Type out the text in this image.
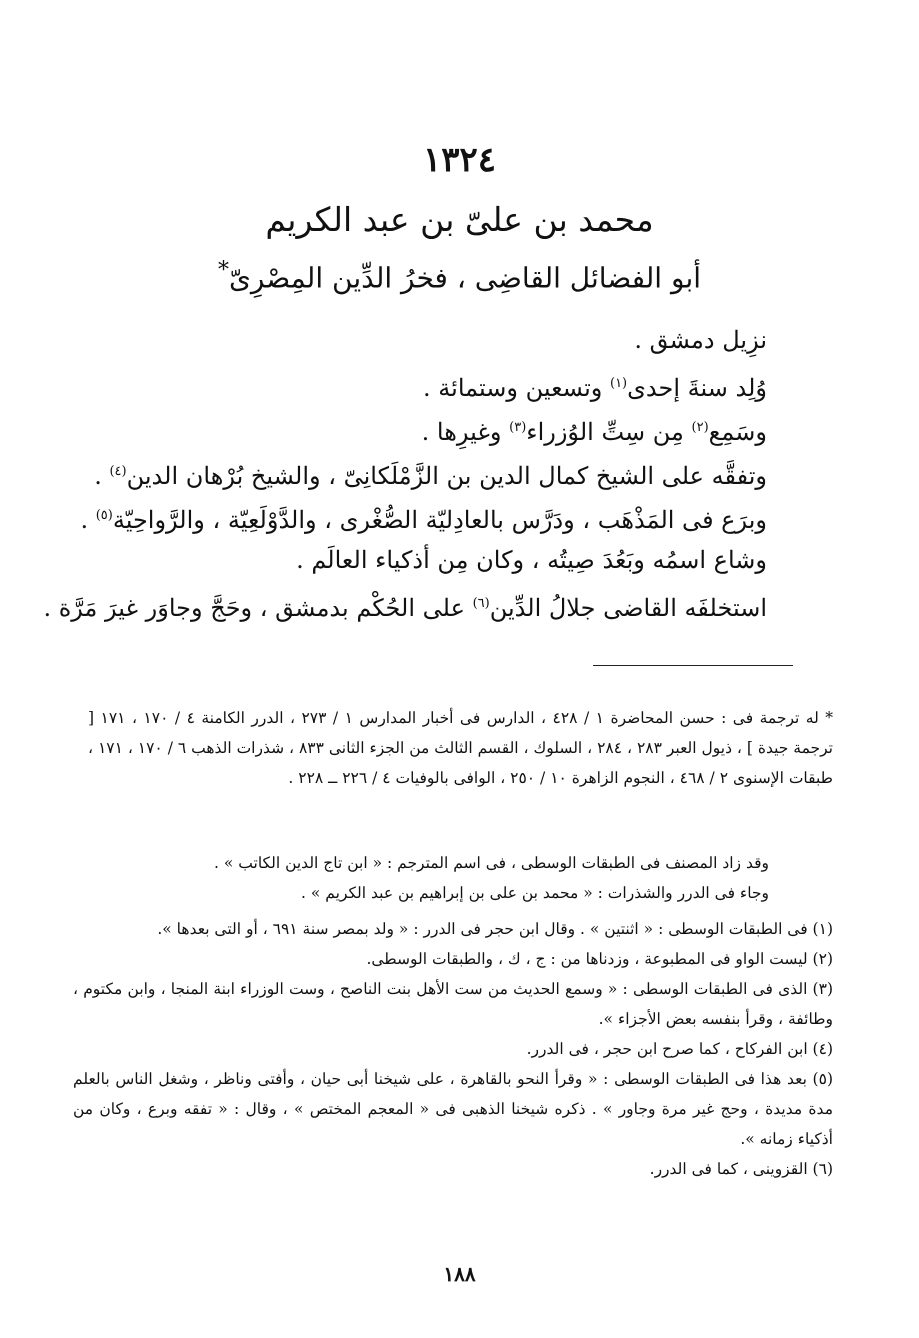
١٣٢٤
محمد بن علىّ بن عبد الكريم
أبو الفضائل القاضِى ، فخرُ الدِّين المِصْرِىّ*
نزِيل دمشق .
وُلِد سنةَ إحدى$^{(١)}$ وتسعين وستمائة .
وسَمِع$^{(٢)}$ مِن سِتِّ الوُزراء$^{(٣)}$ وغيرِها .
وتفقَّه على الشيخ كمال الدين بن الزَّمْلَكانِىّ ، والشيخ بُرْهان الدين$^{(٤)}$ .
وبرَع فى المَذْهَب ، ودَرَّس بالعادِليّة الصُّغْرى ، والدَّوْلَعِيّة ، والرَّواحِيّة$^{(٥)}$ .
وشاع اسمُه وبَعُدَ صِيتُه ، وكان مِن أذكياء العالَم .
استخلفَه القاضى جلالُ الدِّين$^{(٦)}$ على الحُكْم بدمشق ، وحَجَّ وجاوَر غيرَ مَرَّة .
* له ترجمة فى : حسن المحاضرة ١ / ٤٢٨ ، الدارس فى أخبار المدارس ١ / ٢٧٣ ، الدرر الكامنة ٤ / ١٧٠ ، ١٧١ [ ترجمة جيدة ] ، ذيول العبر ٢٨٣ ، ٢٨٤ ، السلوك ، القسم الثالث من الجزء الثانى ٨٣٣ ، شذرات الذهب ٦ / ١٧٠ ، ١٧١ ، طبقات الإسنوى ٢ / ٤٦٨ ، النجوم الزاهرة ١٠ / ٢٥٠ ، الوافى بالوفيات ٤ / ٢٢٦ ــ ٢٢٨ .
وقد زاد المصنف فى الطبقات الوسطى ، فى اسم المترجم : « ابن تاج الدين الكاتب » .
وجاء فى الدرر والشذرات : « محمد بن على بن إبراهيم بن عبد الكريم » .
(١) فى الطبقات الوسطى : « اثنتين » . وقال ابن حجر فى الدرر : « ولد بمصر سنة ٦٩١ ، أو التى بعدها ».
(٢) ليست الواو فى المطبوعة ، وزدناها من : ج ، ك ، والطبقات الوسطى.
(٣) الذى فى الطبقات الوسطى : « وسمع الحديث من ست الأهل بنت الناصح ، وست الوزراء ابنة المنجا ، وابن مكتوم ، وطائفة ، وقرأ بنفسه بعض الأجزاء ».
(٤) ابن الفركاح ، كما صرح ابن حجر ، فى الدرر.
(٥) بعد هذا فى الطبقات الوسطى : « وقرأ النحو بالقاهرة ، على شيخنا أبى حيان ، وأفتى وناظر ، وشغل الناس بالعلم مدة مديدة ، وحج غير مرة وجاور » . ذكره شيخنا الذهبى فى « المعجم المختص » ، وقال : « تفقه وبرع ، وكان من أذكياء زمانه ».
(٦) القزوينى ، كما فى الدرر.
١٨٨
